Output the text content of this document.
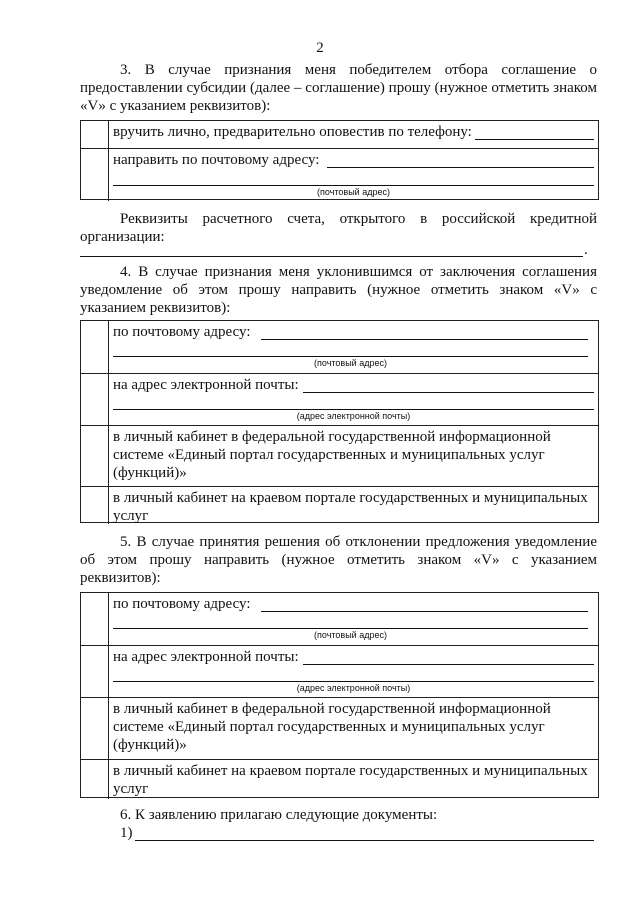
2
3. В случае признания меня победителем отбора соглашение о предоставлении субсидии (далее – соглашение) прошу (нужное отметить знаком «V» с указанием реквизитов):
вручить лично, предварительно оповестив по телефону:
направить по почтовому адресу:
(почтовый адрес)
Реквизиты расчетного счета, открытого в российской кредитной организации:
.
4. В случае признания меня уклонившимся от заключения соглашения уведомление об этом прошу направить (нужное отметить знаком «V» с указанием реквизитов):
по почтовому адресу:
(почтовый адрес)
на адрес электронной почты:
(адрес электронной почты)
в личный кабинет в федеральной государственной информационной системе «Единый портал государственных и муниципальных услуг (функций)»
в личный кабинет на краевом портале государственных и муниципальных услуг
5. В случае принятия решения об отклонении предложения уведомление об этом прошу направить (нужное отметить знаком «V» с указанием реквизитов):
по почтовому адресу:
(почтовый адрес)
на адрес электронной почты:
(адрес электронной почты)
в личный кабинет в федеральной государственной информационной системе «Единый портал государственных и муниципальных услуг (функций)»
в личный кабинет на краевом портале государственных и муниципальных услуг
6. К заявлению прилагаю следующие документы:
1)
